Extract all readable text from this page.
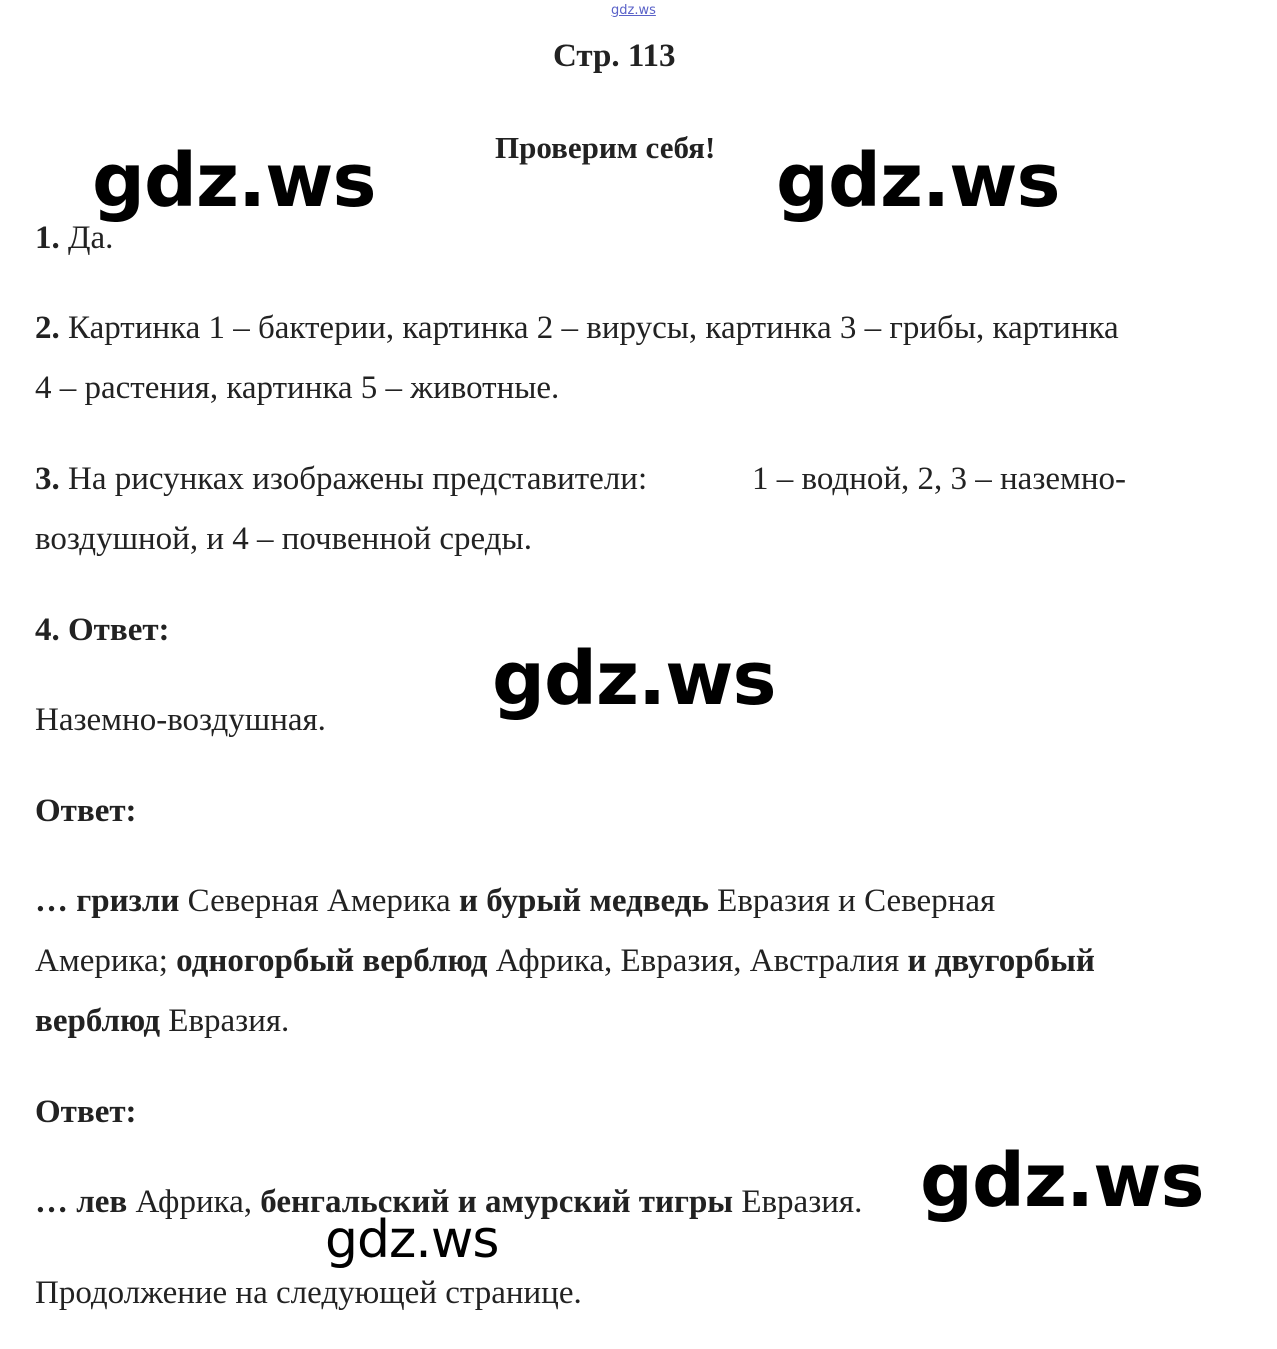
gdz.ws
Стр. 113
Проверим себя!
1. Да.
2. Картинка 1 – бактерии, картинка 2 – вирусы, картинка 3 – грибы, картинка
4 – растения, картинка 5 – животные.
3. На рисунках изображены представители:	1 – водной, 2, 3 – наземно-
воздушной, и 4 – почвенной среды.
4. Ответ:
Наземно-воздушная.
Ответ:
… гризли Северная Америка и бурый медведь Евразия и Северная
Америка; одногорбый верблюд Африка, Евразия, Австралия и двугорбый
верблюд Евразия.
Ответ:
… лев Африка, бенгальский и амурский тигры Евразия.
Продолжение на следующей странице.
gdz.ws	gdz.ws
gdz.ws
gdz.ws
gdz.ws
